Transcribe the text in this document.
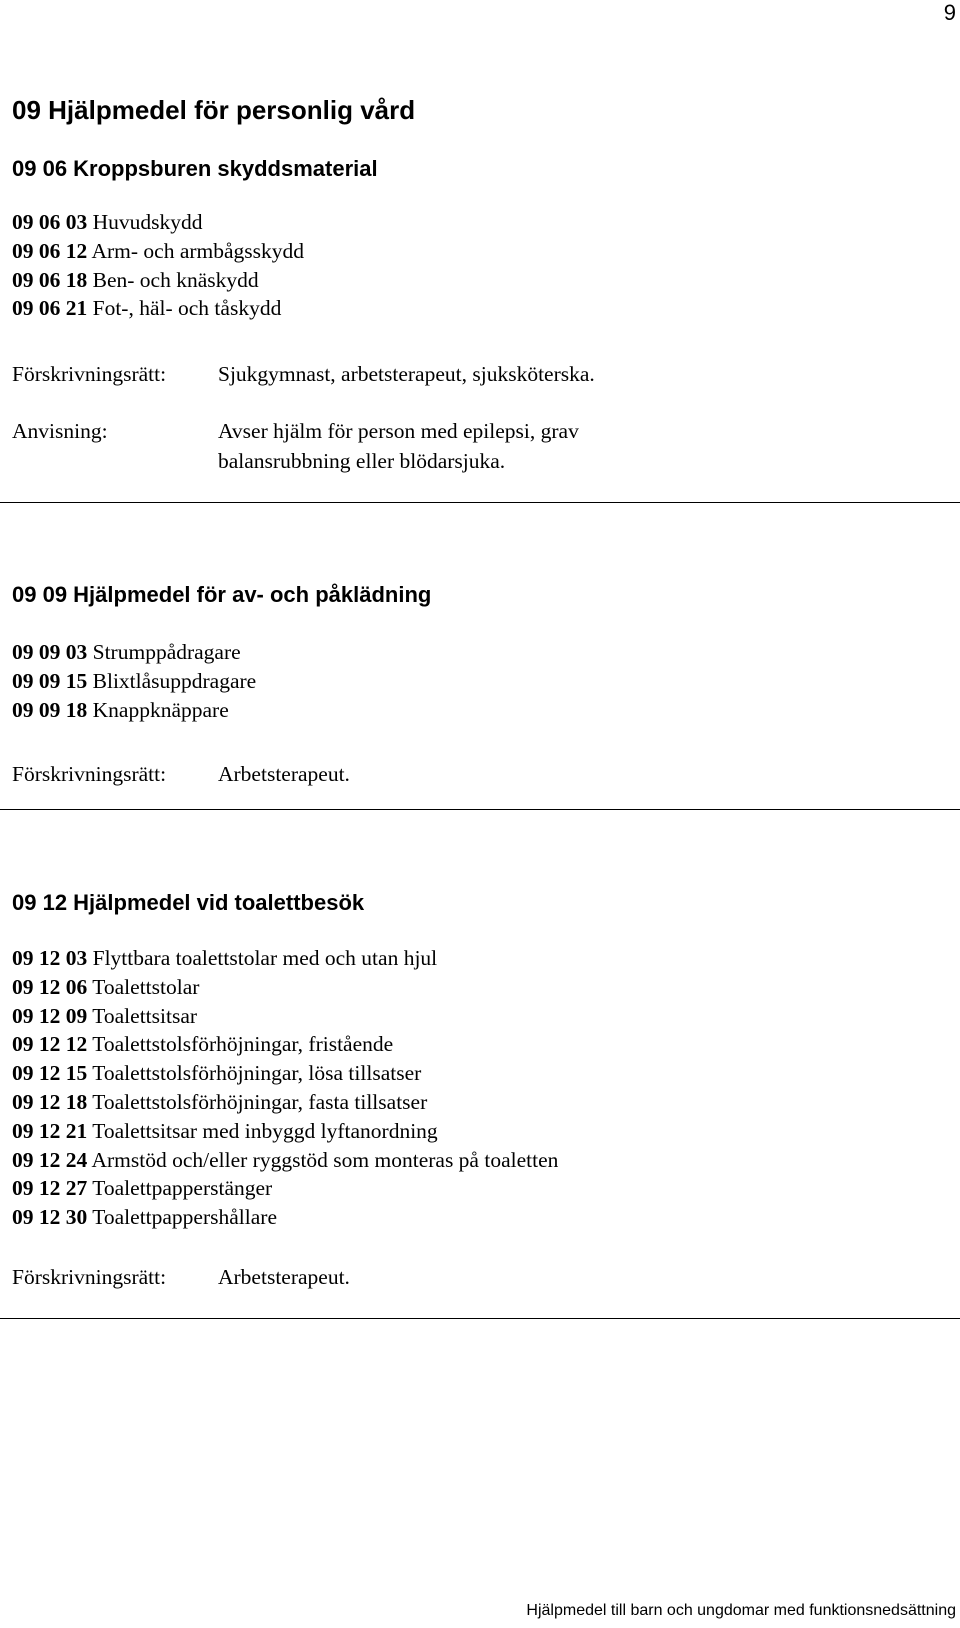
9
09 Hjälpmedel för personlig vård
09 06 Kroppsburen skyddsmaterial
09 06 03 Huvudskydd
09 06 12 Arm- och armbågsskydd
09 06 18 Ben- och knäskydd
09 06 21 Fot-, häl- och tåskydd
Förskrivningsrätt:	Sjukgymnast, arbetsterapeut, sjuksköterska.
Anvisning:	Avser hjälm för person med epilepsi, grav
balansrubbning eller blödarsjuka.
09 09 Hjälpmedel för av- och påklädning
09 09 03 Strumppådragare
09 09 15 Blixtlåsuppdragare
09 09 18 Knappknäppare
Förskrivningsrätt:	Arbetsterapeut.
09 12 Hjälpmedel vid toalettbesök
09 12 03 Flyttbara toalettstolar med och utan hjul
09 12 06 Toalettstolar
09 12 09 Toalettsitsar
09 12 12 Toalettstolsförhöjningar, fristående
09 12 15 Toalettstolsförhöjningar, lösa tillsatser
09 12 18 Toalettstolsförhöjningar, fasta tillsatser
09 12 21 Toalettsitsar med inbyggd lyftanordning
09 12 24 Armstöd och/eller ryggstöd som monteras på toaletten
09 12 27 Toalettpapperstänger
09 12 30 Toalettpappershållare
Förskrivningsrätt:	Arbetsterapeut.
Hjälpmedel till barn och ungdomar med funktionsnedsättning
